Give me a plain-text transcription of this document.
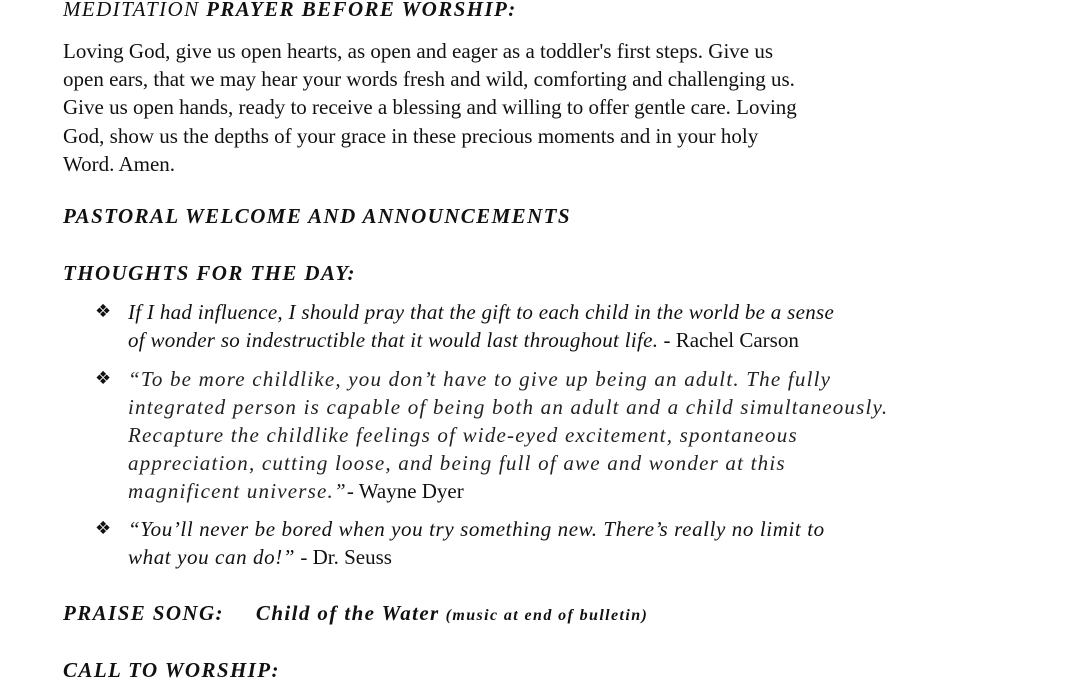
MEDITATION PRAYER BEFORE WORSHIP:

Loving God, give us open hearts, as open and eager as a toddler's first steps. Give us
open ears, that we may hear your words fresh and wild, comforting and challenging us.
Give us open hands, ready to receive a blessing and willing to offer gentle care. Loving
God, show us the depths of your grace in these precious moments and in your holy
Word. Amen.

PASTORAL WELCOME AND ANNOUNCEMENTS
THOUGHTS FOR THE DAY:
❖ If I had influence, I should pray that the gift to each child in the world be a sense
of wonder so indestructible that it would last throughout life. - Rachel Carson
❖ “To be more childlike, you don’t have to give up being an adult. The fully
integrated person is capable of being both an adult and a child simultaneously.
Recapture the childlike feelings of wide-eyed excitement, spontaneous
appreciation, cutting loose, and being full of awe and wonder at this
magnificent universe.”- Wayne Dyer
❖ “You’ll never be bored when you try something new. There’s really no limit to
what you can do!” - Dr. Seuss
PRAISE SONG: Child of the Water (music at end of bulletin)
CALL TO WORSHIP:
